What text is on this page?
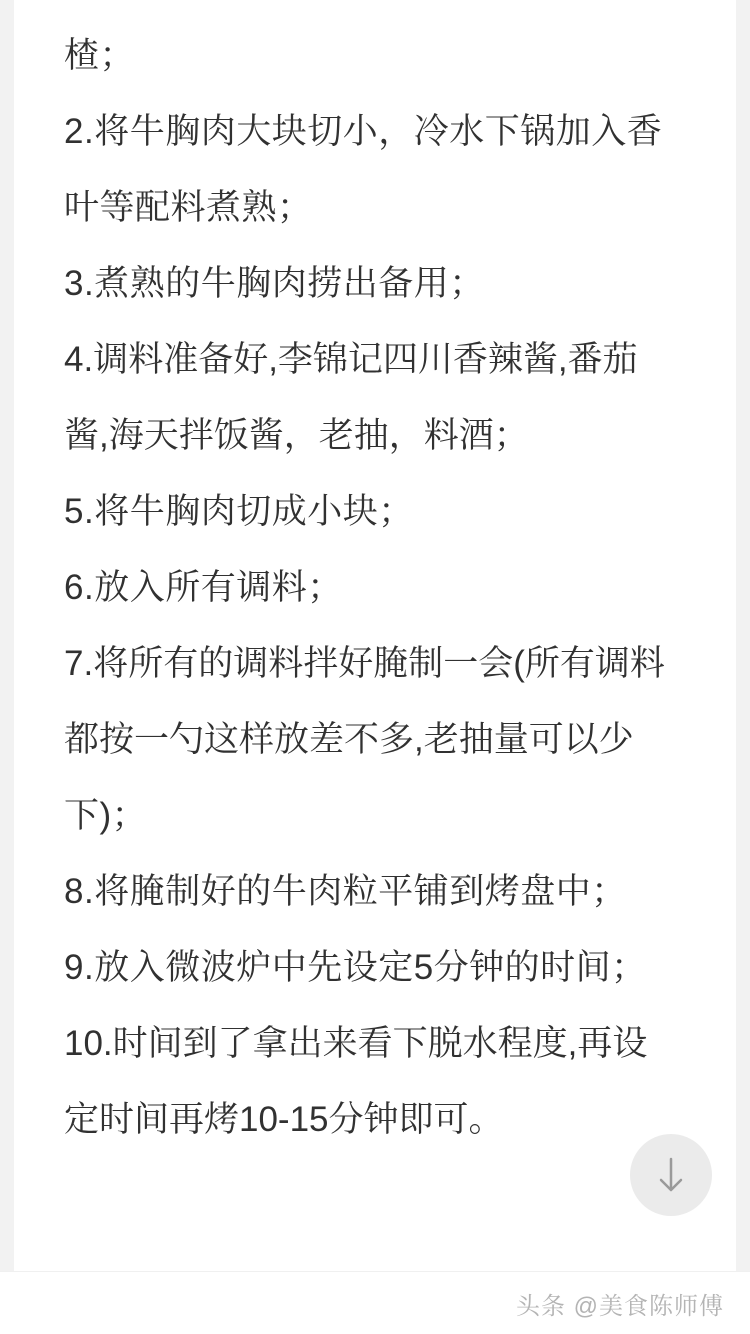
楂；
2.将牛胸肉大块切小，冷水下锅加入香
叶等配料煮熟；
3.煮熟的牛胸肉捞出备用；
4.调料准备好,李锦记四川香辣酱,番茄
酱,海天拌饭酱，老抽，料酒；
5.将牛胸肉切成小块；
6.放入所有调料；
7.将所有的调料拌好腌制一会(所有调料
都按一勺这样放差不多,老抽量可以少
下)；
8.将腌制好的牛肉粒平铺到烤盘中；
9.放入微波炉中先设定5分钟的时间；
10.时间到了拿出来看下脱水程度,再设
定时间再烤10-15分钟即可。
头条 @美食陈师傅
